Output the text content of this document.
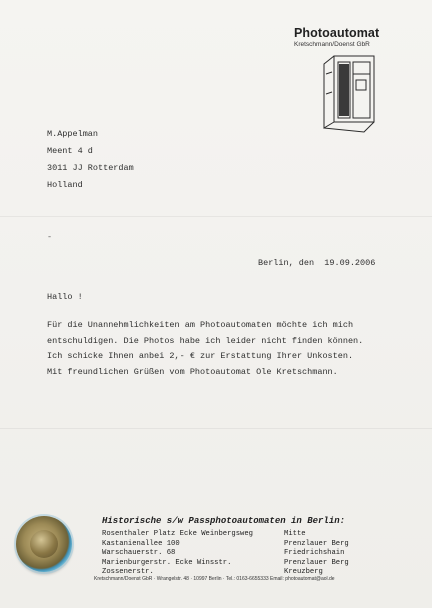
Photoautomat
Kretschmann/Doenst GbR
M.Appelman
Meent 4 d
3011 JJ Rotterdam
Holland
-
Berlin, den  19.09.2006
Hallo !
Für die Unannehmlichkeiten am Photoautomaten möchte ich mich
entschuldigen. Die Photos habe ich leider nicht finden können.
Ich schicke Ihnen anbei 2,- € zur Erstattung Ihrer Unkosten.
Mit freundlichen Grüßen vom Photoautomat Ole Kretschmann.
Historische s/w Passphotoautomaten in Berlin:
Rosenthaler Platz Ecke Weinbergsweg
Kastanienallee 100
Warschauerstr. 68
Marienburgerstr. Ecke Winsstr.
Zossenerstr.
Mitte
Prenzlauer Berg
Friedrichshain
Prenzlauer Berg
Kreuzberg
Kretschmann/Doenst GbR · Wrangelstr. 48 · 10997 Berlin · Tel.: 0163-6655333 Email: photoautomat@aol.de
